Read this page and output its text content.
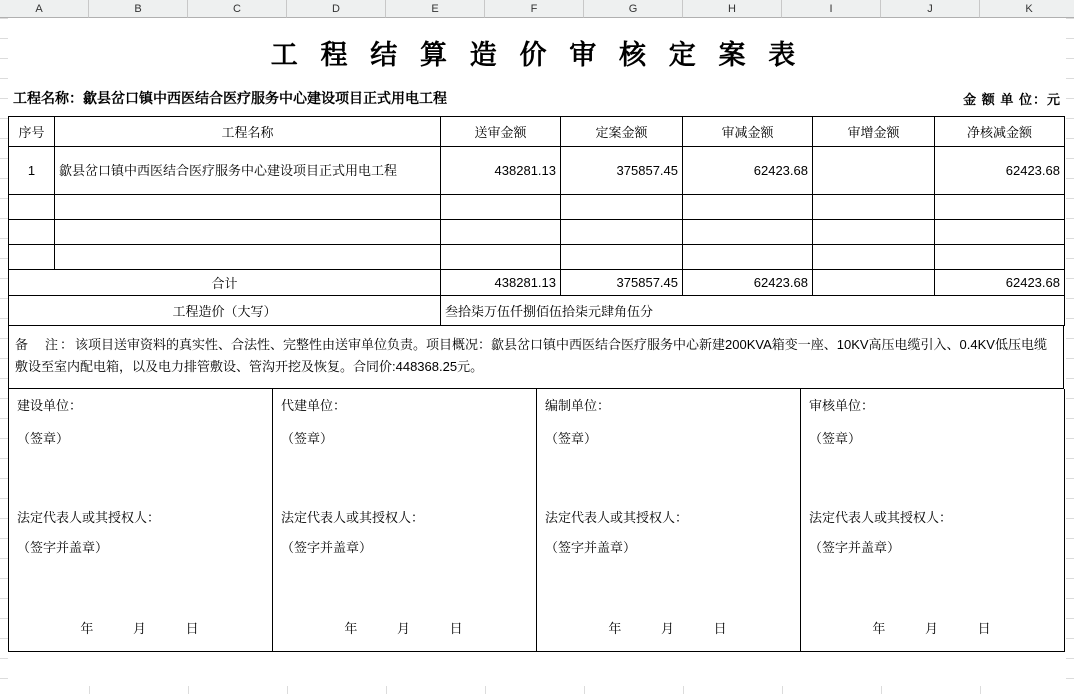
A	B	C	D	E	F	G	H	I	J	K
工 程 结 算 造 价 审 核 定 案 表
工程名称：歙县岔口镇中西医结合医疗服务中心建设项目正式用电工程	金 额 单 位：元
序号	工程名称	送审金额	定案金额	审减金额	审增金额	净核减金额
1	歙县岔口镇中西医结合医疗服务中心建设项目正式用电工程	438281.13	375857.45	62423.68		62423.68

合计		438281.13	375857.45	62423.68		62423.68
工程造价（大写）		叁拾柒万伍仟捌佰伍拾柒元肆角伍分				
备　注：该项目送审资料的真实性、合法性、完整性由送审单位负责。项目概况：歙县岔口镇中西医结合医疗服务中心新建200KVA箱变一座、10KV高压电缆引入、0.4KV低压电缆敷设至室内配电箱，以及电力排管敷设、管沟开挖及恢复。合同价:448368.25元。
建设单位：
（签章）
法定代表人或其授权人：
（签字并盖章）
年	月	日

代建单位：
（签章）
法定代表人或其授权人：
（签字并盖章）
年	月	日

编制单位：
（签章）
法定代表人或其授权人：
（签字并盖章）
年	月	日

审核单位：
（签章）
法定代表人或其授权人：
（签字并盖章）
年	月	日
